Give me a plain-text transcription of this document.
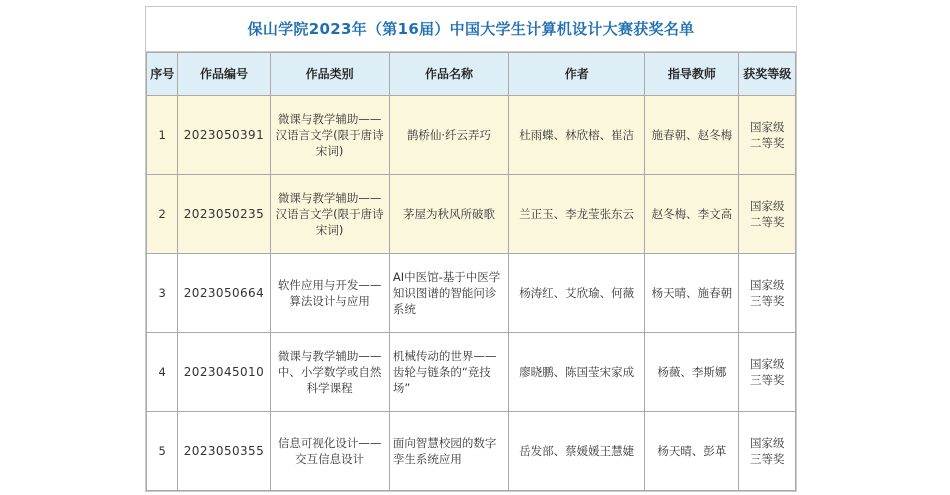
保山学院2023年（第16届）中国大学生计算机设计大赛获奖名单
序号	作品编号	作品类别	作品名称	作者	指导教师	获奖等级
1	2023050391	微课与教学辅助——汉语言文学(限于唐诗宋词)	鹊桥仙·纤云弄巧	杜雨蝶、林欣榕、崔洁	施春朝、赵冬梅	国家级二等奖
2	2023050235	微课与教学辅助——汉语言文学(限于唐诗宋词)	茅屋为秋风所破歌	兰正玉、李龙莹张东云	赵冬梅、李文高	国家级二等奖
3	2023050664	软件应用与开发——算法设计与应用	AI中医馆-基于中医学知识图谱的智能问诊系统	杨涛红、艾欣瑜、何薇	杨天晴、施春朝	国家级三等奖
4	2023045010	微课与教学辅助——中、小学数学或自然科学课程	机械传动的世界——齿轮与链条的“竞技场”	廖晓鹏、陈国莹宋家成	杨薇、李斯娜	国家级三等奖
5	2023050355	信息可视化设计——交互信息设计	面向智慧校园的数字孪生系统应用	岳发部、蔡媛媛王慧婕	杨天晴、彭革	国家级三等奖
